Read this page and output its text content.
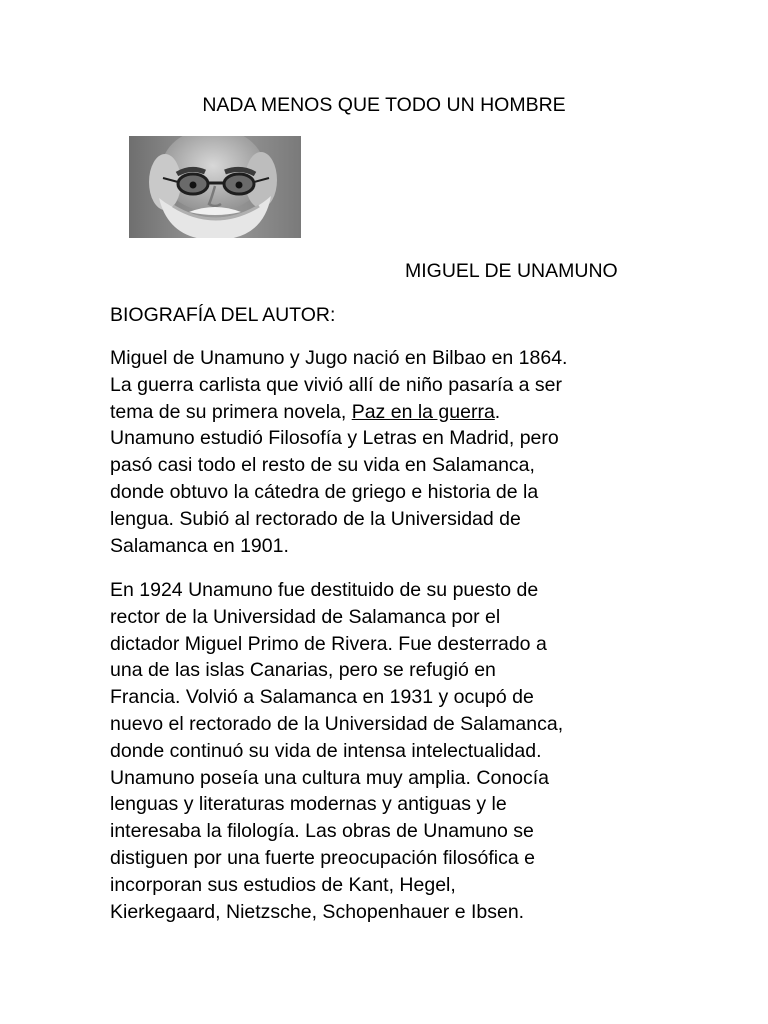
NADA MENOS QUE TODO UN HOMBRE
MIGUEL DE UNAMUNO
BIOGRAFÍA DEL AUTOR:
Miguel de Unamuno y Jugo nació en Bilbao en 1864.
La guerra carlista que vivió allí de niño pasaría a ser
tema de su primera novela, Paz en la guerra.
Unamuno estudió Filosofía y Letras en Madrid, pero
pasó casi todo el resto de su vida en Salamanca,
donde obtuvo la cátedra de griego e historia de la
lengua. Subió al rectorado de la Universidad de
Salamanca en 1901.
En 1924 Unamuno fue destituido de su puesto de
rector de la Universidad de Salamanca por el
dictador Miguel Primo de Rivera. Fue desterrado a
una de las islas Canarias, pero se refugió en
Francia. Volvió a Salamanca en 1931 y ocupó de
nuevo el rectorado de la Universidad de Salamanca,
donde continuó su vida de intensa intelectualidad.
Unamuno poseía una cultura muy amplia. Conocía
lenguas y literaturas modernas y antiguas y le
interesaba la filología. Las obras de Unamuno se
distiguen por una fuerte preocupación filosófica e
incorporan sus estudios de Kant, Hegel,
Kierkegaard, Nietzsche, Schopenhauer e Ibsen.
